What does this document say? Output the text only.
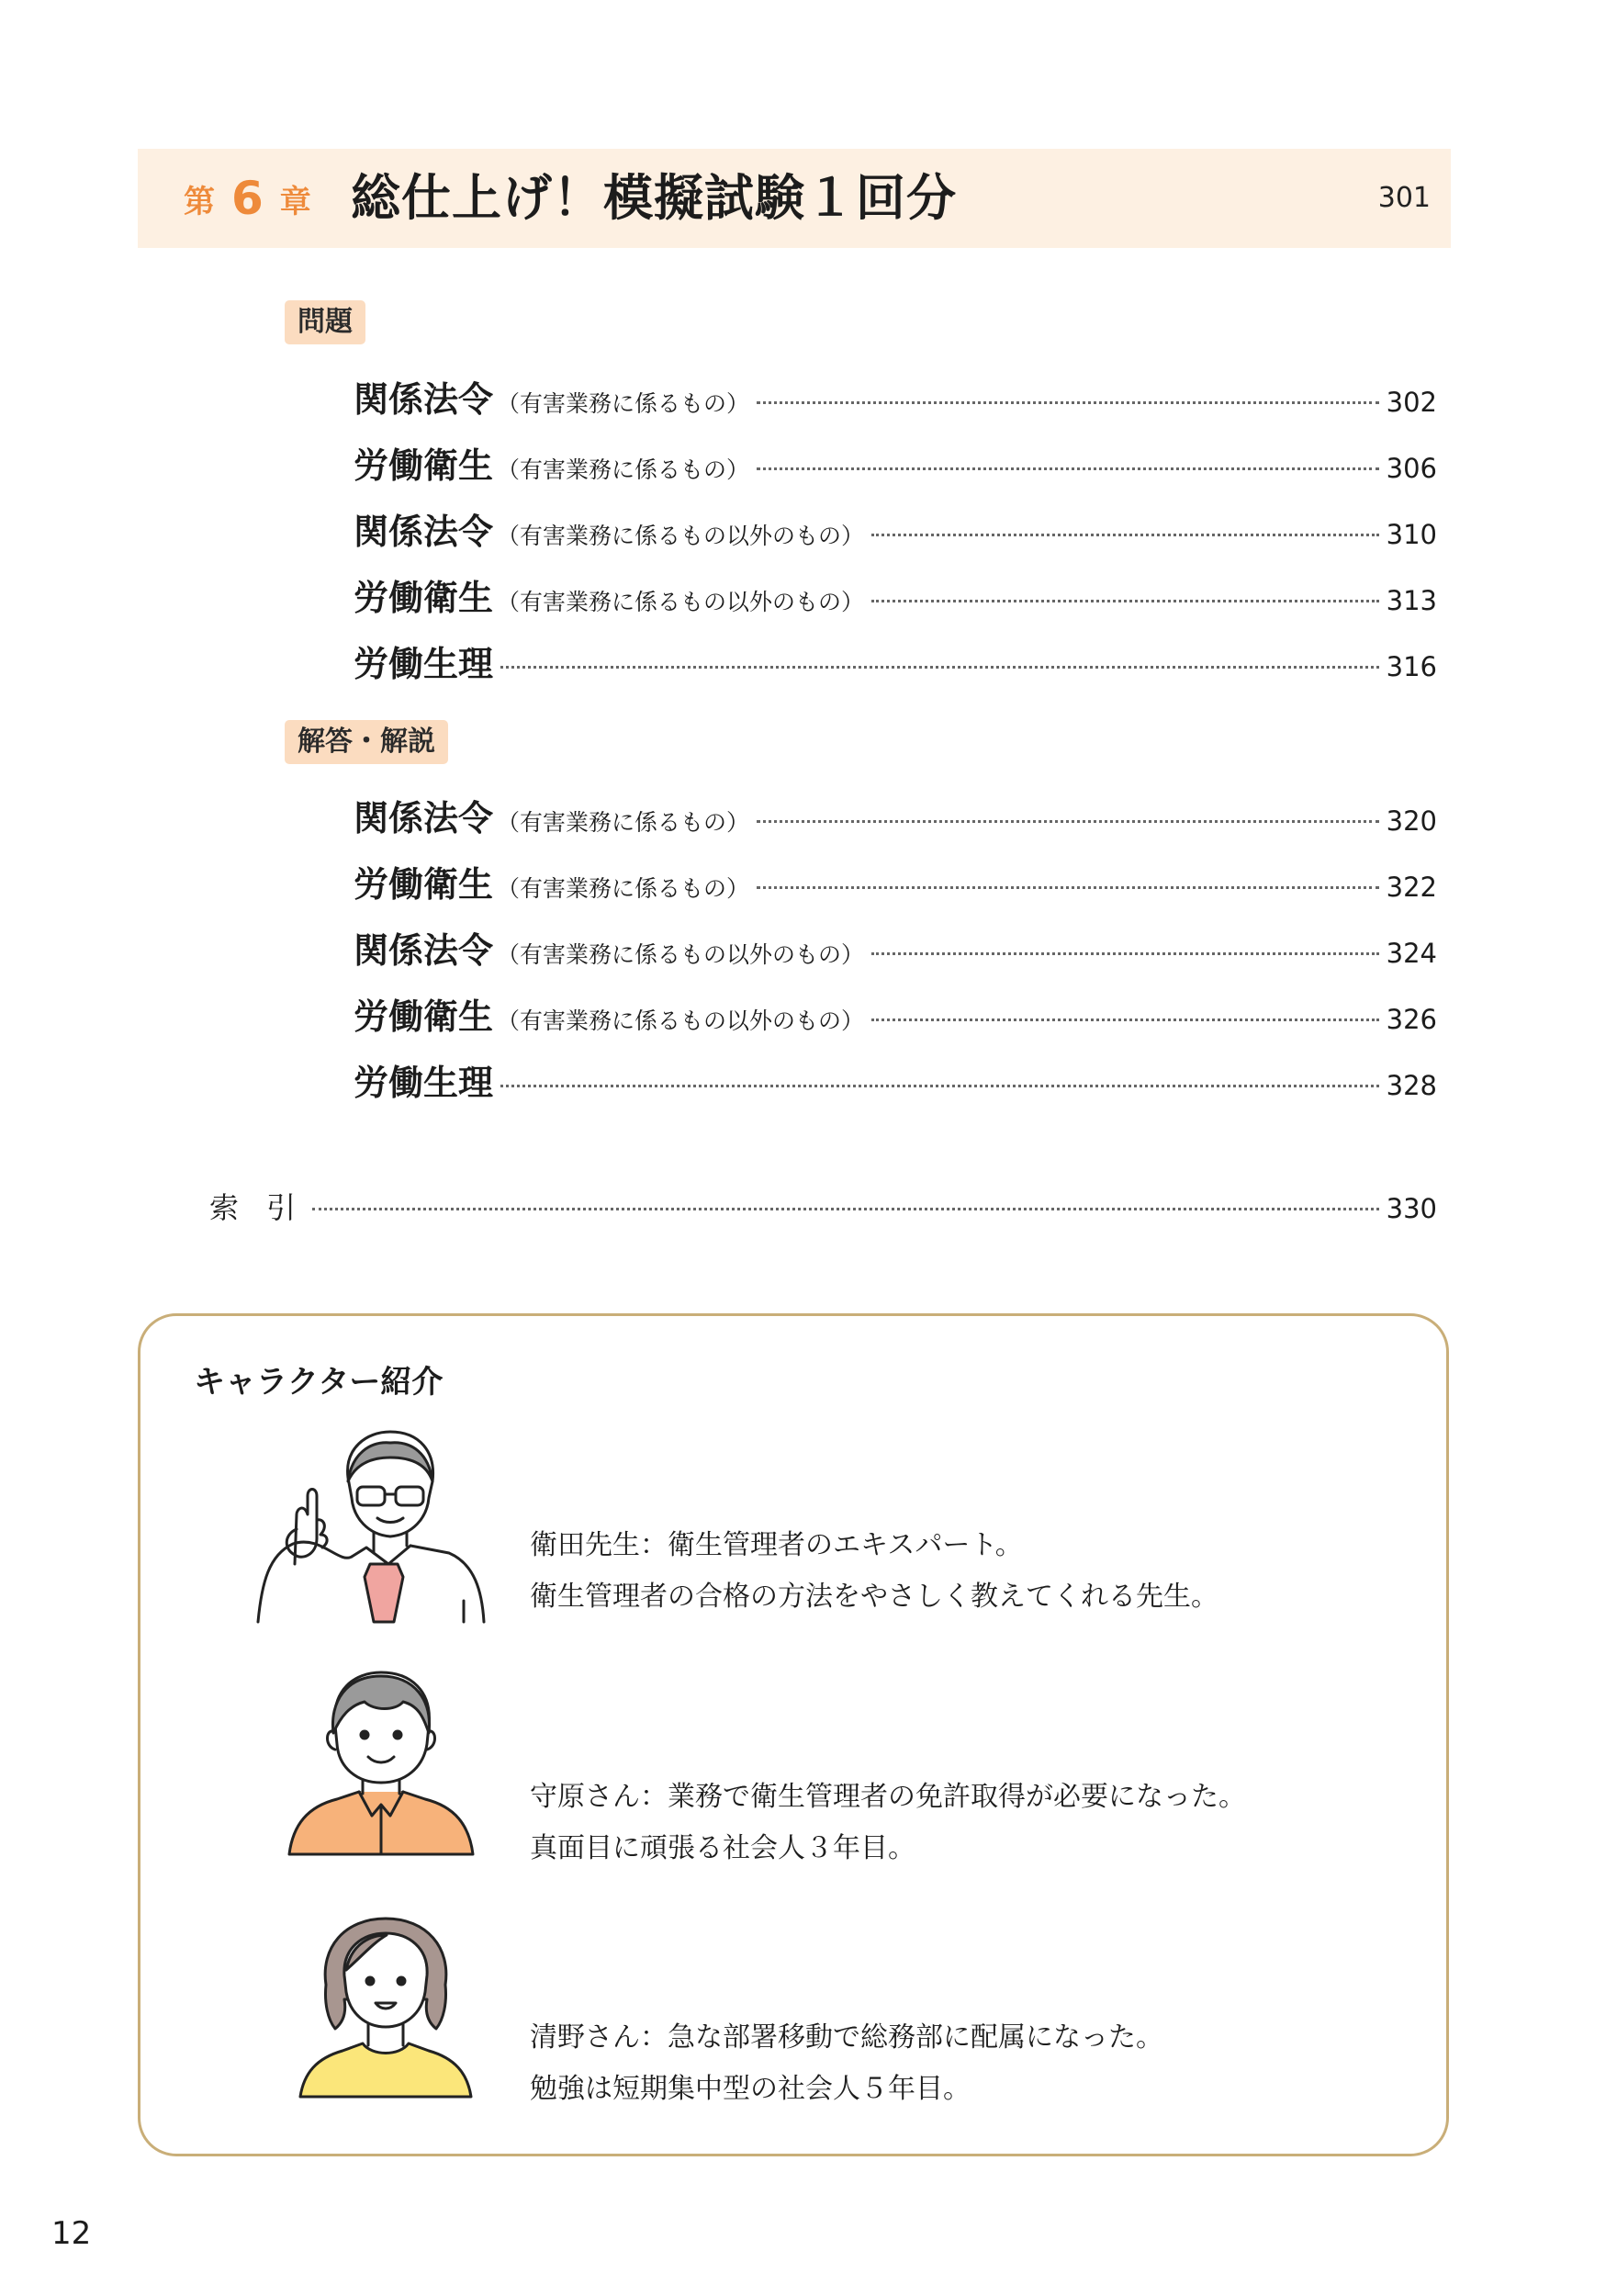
第 6 章 総仕上げ！模擬試験１回分	301
問題
関係法令 （有害業務に係るもの）	302
労働衛生 （有害業務に係るもの）	306
関係法令 （有害業務に係るもの以外のもの）	310
労働衛生 （有害業務に係るもの以外のもの）	313
労働生理	316
解答・解説
関係法令 （有害業務に係るもの）	320
労働衛生 （有害業務に係るもの）	322
関係法令 （有害業務に係るもの以外のもの）	324
労働衛生 （有害業務に係るもの以外のもの）	326
労働生理	328
索 引	330
キャラクター紹介
衛田先生：衛生管理者のエキスパート。
衛生管理者の合格の方法をやさしく教えてくれる先生。
守原さん：業務で衛生管理者の免許取得が必要になった。
真面目に頑張る社会人３年目。
清野さん：急な部署移動で総務部に配属になった。
勉強は短期集中型の社会人５年目。
12
